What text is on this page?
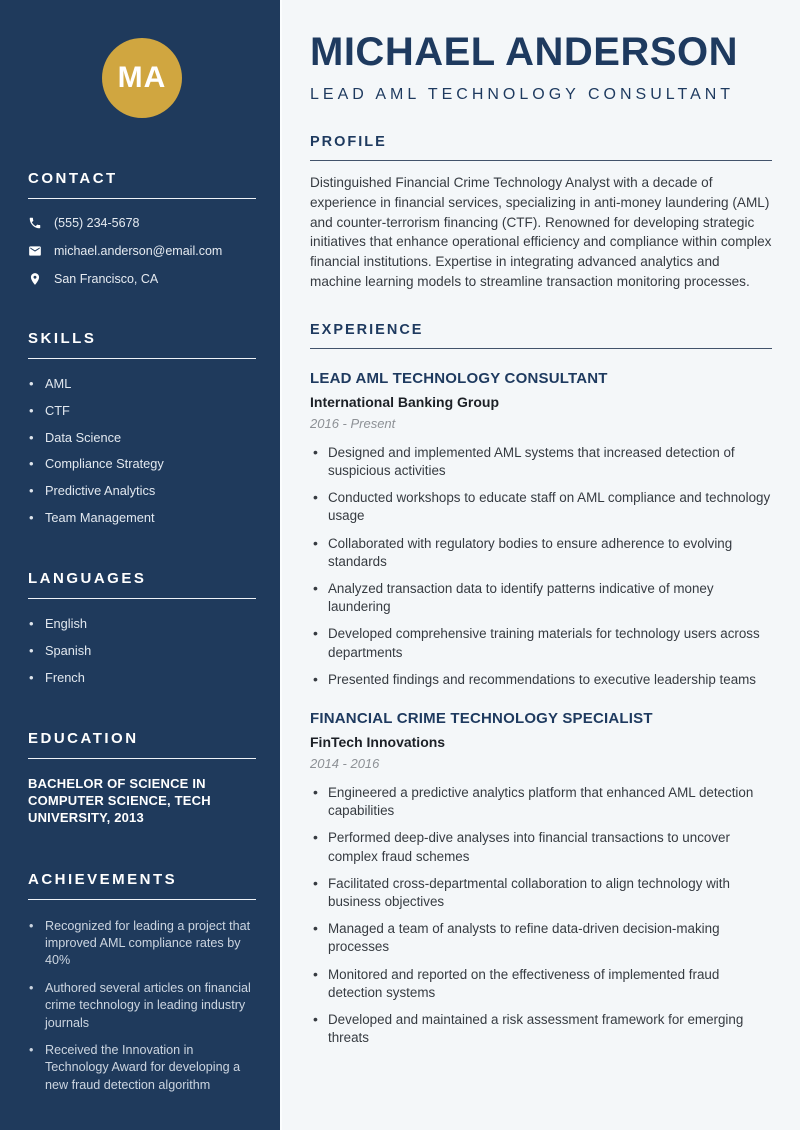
MA
CONTACT
(555) 234-5678
michael.anderson@email.com
San Francisco, CA
SKILLS
• AML
• CTF
• Data Science
• Compliance Strategy
• Predictive Analytics
• Team Management
LANGUAGES
• English
• Spanish
• French
EDUCATION
BACHELOR OF SCIENCE IN COMPUTER SCIENCE, TECH UNIVERSITY, 2013
ACHIEVEMENTS
• Recognized for leading a project that improved AML compliance rates by 40%
• Authored several articles on financial crime technology in leading industry journals
• Received the Innovation in Technology Award for developing a new fraud detection algorithm
MICHAEL ANDERSON
LEAD AML TECHNOLOGY CONSULTANT
PROFILE

Distinguished Financial Crime Technology Analyst with a decade of experience in financial services, specializing in anti-money laundering (AML) and counter-terrorism financing (CTF). Renowned for developing strategic initiatives that enhance operational efficiency and compliance within complex financial institutions. Expertise in integrating advanced analytics and machine learning models to streamline transaction monitoring processes.

EXPERIENCE
LEAD AML TECHNOLOGY CONSULTANT
International Banking Group
2016 - Present
• Designed and implemented AML systems that increased detection of suspicious activities
• Conducted workshops to educate staff on AML compliance and technology usage
• Collaborated with regulatory bodies to ensure adherence to evolving standards
• Analyzed transaction data to identify patterns indicative of money laundering
• Developed comprehensive training materials for technology users across departments
• Presented findings and recommendations to executive leadership teams
FINANCIAL CRIME TECHNOLOGY SPECIALIST
FinTech Innovations
2014 - 2016
• Engineered a predictive analytics platform that enhanced AML detection capabilities
• Performed deep-dive analyses into financial transactions to uncover complex fraud schemes
• Facilitated cross-departmental collaboration to align technology with business objectives
• Managed a team of analysts to refine data-driven decision-making processes
• Monitored and reported on the effectiveness of implemented fraud detection systems
• Developed and maintained a risk assessment framework for emerging threats
